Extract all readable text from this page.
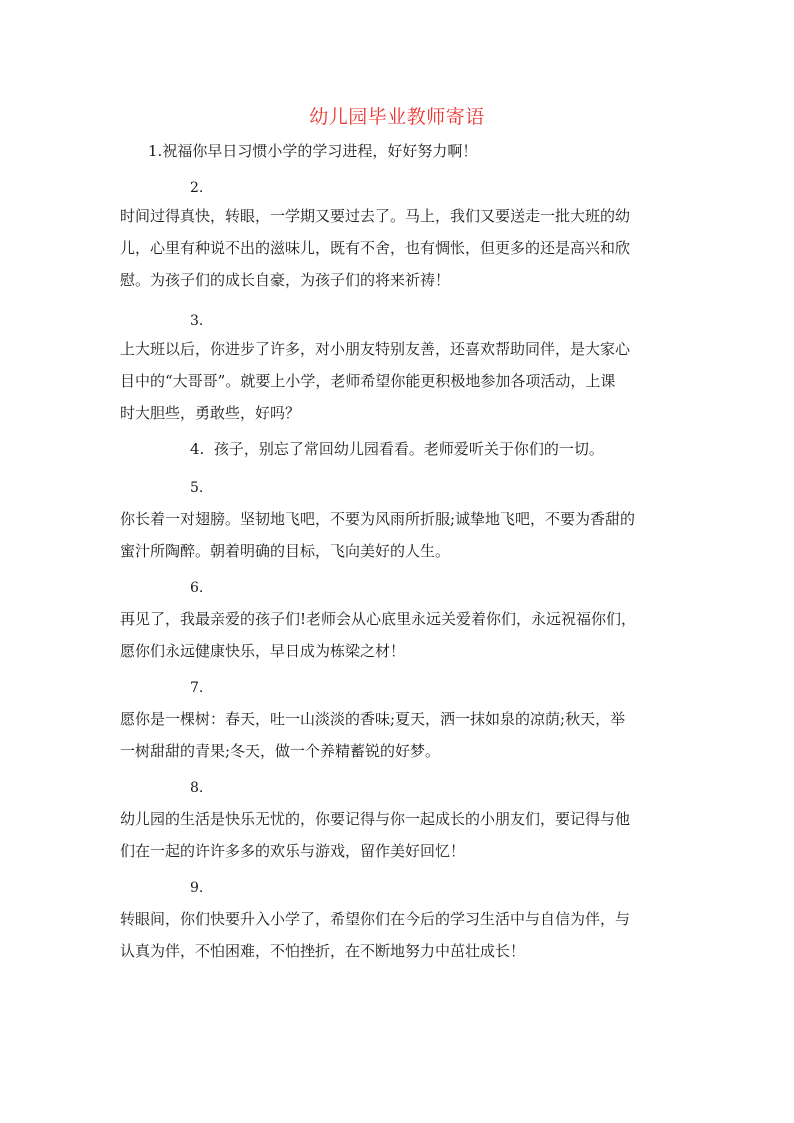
幼儿园毕业教师寄语
1.祝福你早日习惯小学的学习进程，好好努力啊！
2.
时间过得真快，转眼，一学期又要过去了。马上，我们又要送走一批大班的幼
儿，心里有种说不出的滋味儿，既有不舍，也有惆怅，但更多的还是高兴和欣
慰。为孩子们的成长自豪，为孩子们的将来祈祷！
3.
上大班以后，你进步了许多，对小朋友特别友善，还喜欢帮助同伴，是大家心
目中的“大哥哥”。就要上小学，老师希望你能更积极地参加各项活动，上课
时大胆些，勇敢些，好吗？
4. 孩子，别忘了常回幼儿园看看。老师爱听关于你们的一切。
5.
你长着一对翅膀。坚韧地飞吧，不要为风雨所折服;诚挚地飞吧，不要为香甜的
蜜汁所陶醉。朝着明确的目标，飞向美好的人生。
6.
再见了，我最亲爱的孩子们!老师会从心底里永远关爱着你们，永远祝福你们，
愿你们永远健康快乐，早日成为栋梁之材！
7.
愿你是一棵树：春天，吐一山淡淡的香味;夏天，洒一抹如泉的凉荫;秋天，举
一树甜甜的青果;冬天，做一个养精蓄锐的好梦。
8.
幼儿园的生活是快乐无忧的，你要记得与你一起成长的小朋友们，要记得与他
们在一起的许许多多的欢乐与游戏，留作美好回忆！
9.
转眼间，你们快要升入小学了，希望你们在今后的学习生活中与自信为伴，与
认真为伴，不怕困难，不怕挫折，在不断地努力中茁壮成长！
